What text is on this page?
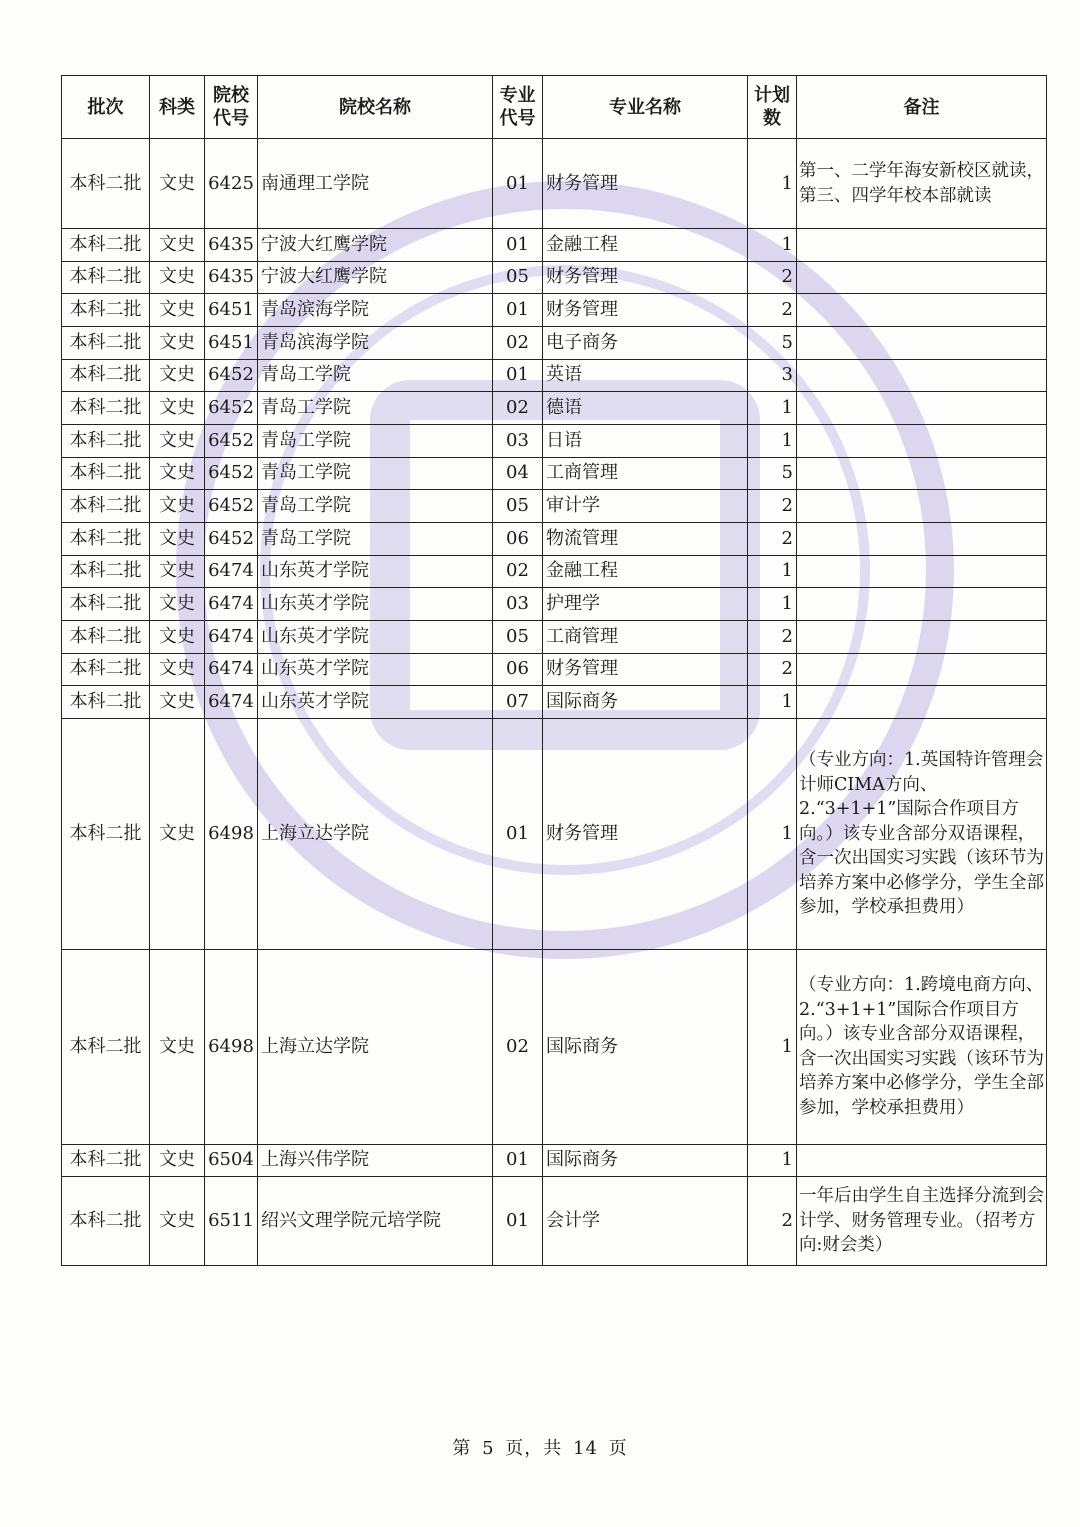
批次	科类	院校代号	院校名称	专业代号	专业名称	计划数	备注
本科二批	文史	6425	南通理工学院	01	财务管理	1	第一、二学年海安新校区就读，第三、四学年校本部就读
本科二批	文史	6435	宁波大红鹰学院	01	金融工程	1	
本科二批	文史	6435	宁波大红鹰学院	05	财务管理	2	
本科二批	文史	6451	青岛滨海学院	01	财务管理	2	
本科二批	文史	6451	青岛滨海学院	02	电子商务	5	
本科二批	文史	6452	青岛工学院	01	英语	3	
本科二批	文史	6452	青岛工学院	02	德语	1	
本科二批	文史	6452	青岛工学院	03	日语	1	
本科二批	文史	6452	青岛工学院	04	工商管理	5	
本科二批	文史	6452	青岛工学院	05	审计学	2	
本科二批	文史	6452	青岛工学院	06	物流管理	2	
本科二批	文史	6474	山东英才学院	02	金融工程	1	
本科二批	文史	6474	山东英才学院	03	护理学	1	
本科二批	文史	6474	山东英才学院	05	工商管理	2	
本科二批	文史	6474	山东英才学院	06	财务管理	2	
本科二批	文史	6474	山东英才学院	07	国际商务	1	
本科二批	文史	6498	上海立达学院	01	财务管理	1	（专业方向：1.英国特许管理会计师CIMA方向、2.“3+1+1”国际合作项目方向。）该专业含部分双语课程，含一次出国实习实践（该环节为培养方案中必修学分，学生全部参加，学校承担费用）
本科二批	文史	6498	上海立达学院	02	国际商务	1	（专业方向：1.跨境电商方向、2.“3+1+1”国际合作项目方向。）该专业含部分双语课程，含一次出国实习实践（该环节为培养方案中必修学分，学生全部参加，学校承担费用）
本科二批	文史	6504	上海兴伟学院	01	国际商务	1	
本科二批	文史	6511	绍兴文理学院元培学院	01	会计学	2	一年后由学生自主选择分流到会计学、财务管理专业。（招考方向:财会类）
第 5 页，共 14 页
